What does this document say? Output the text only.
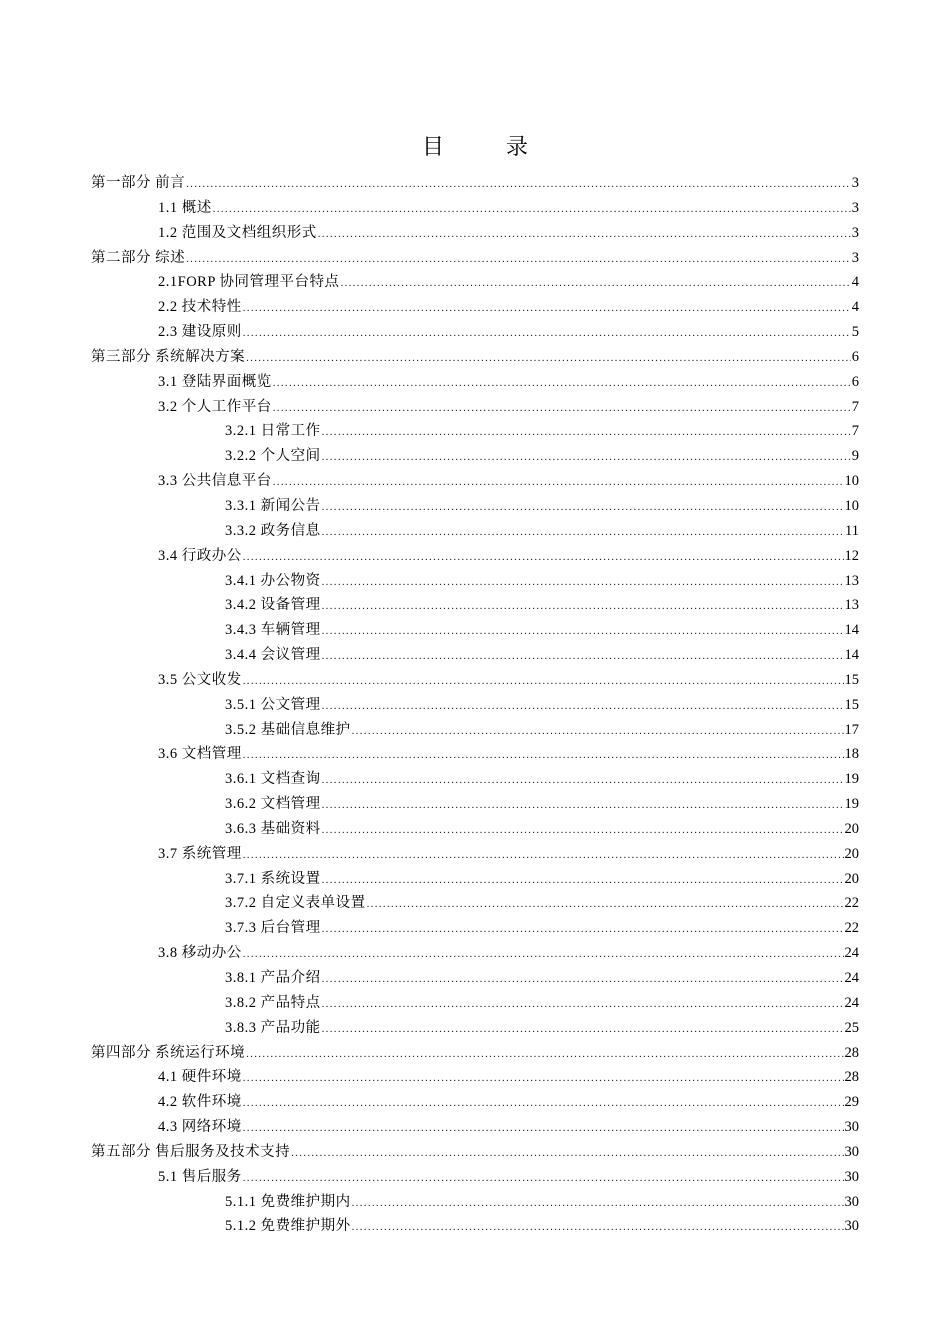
目　录
第一部分 前言 .....	3
1.1 概述 .....	3
1.2 范围及文档组织形式 .....	3
第二部分 综述 .....	3
2.1FORP 协同管理平台特点 .....	4
2.2 技术特性 .....	4
2.3 建设原则 .....	5
第三部分 系统解决方案 .....	6
3.1 登陆界面概览 .....	6
3.2 个人工作平台 .....	7
3.2.1 日常工作 .....	7
3.2.2 个人空间 .....	9
3.3 公共信息平台 .....	10
3.3.1 新闻公告 .....	10
3.3.2 政务信息 .....	11
3.4 行政办公 .....	12
3.4.1 办公物资 .....	13
3.4.2 设备管理 .....	13
3.4.3 车辆管理 .....	14
3.4.4 会议管理 .....	14
3.5 公文收发 .....	15
3.5.1 公文管理 .....	15
3.5.2 基础信息维护 .....	17
3.6 文档管理 .....	18
3.6.1 文档查询 .....	19
3.6.2 文档管理 .....	19
3.6.3 基础资料 .....	20
3.7 系统管理 .....	20
3.7.1 系统设置 .....	20
3.7.2 自定义表单设置 .....	22
3.7.3 后台管理 .....	22
3.8 移动办公 .....	24
3.8.1 产品介绍 .....	24
3.8.2 产品特点 .....	24
3.8.3 产品功能 .....	25
第四部分 系统运行环境 .....	28
4.1 硬件环境 .....	28
4.2 软件环境 .....	29
4.3 网络环境 .....	30
第五部分 售后服务及技术支持 .....	30
5.1 售后服务 .....	30
5.1.1 免费维护期内 .....	30
5.1.2 免费维护期外 .....	30
